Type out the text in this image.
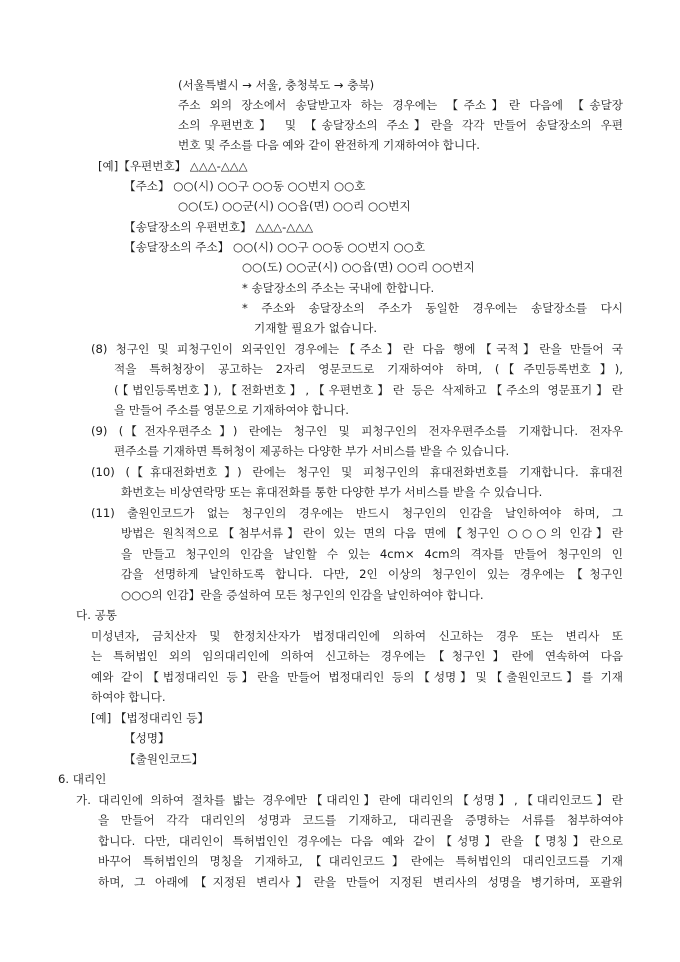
(서울특별시 → 서울, 충청북도 → 충북)
주소 외의 장소에서 송달받고자 하는 경우에는 【주소】란 다음에 【송달장
소의 우편번호】 및 【송달장소의 주소】란을 각각 만들어 송달장소의 우편
번호 및 주소를 다음 예와 같이 완전하게 기재하여야 합니다.
[예]【우편번호】 △△△-△△△
【주소】 ○○(시) ○○구 ○○동 ○○번지 ○○호
○○(도) ○○군(시) ○○읍(면) ○○리 ○○번지
【송달장소의 우편번호】 △△△-△△△
【송달장소의 주소】 ○○(시) ○○구 ○○동 ○○번지 ○○호
○○(도) ○○군(시) ○○읍(면) ○○리 ○○번지
* 송달장소의 주소는 국내에 한합니다.
* 주소와 송달장소의 주소가 동일한 경우에는 송달장소를 다시
기재할 필요가 없습니다.
(8) 청구인 및 피청구인이 외국인인 경우에는【주소】란 다음 행에【국적】란을 만들어 국
적을 특허청장이 공고하는 2자리 영문코드로 기재하여야 하며, (【주민등록번호】),
(【법인등록번호】),【전화번호】,【우편번호】란 등은 삭제하고【주소의 영문표기】란
을 만들어 주소를 영문으로 기재하여야 합니다.
(9) (【전자우편주소】) 란에는 청구인 및 피청구인의 전자우편주소를 기재합니다. 전자우
편주소를 기재하면 특허청이 제공하는 다양한 부가 서비스를 받을 수 있습니다.
(10) (【휴대전화번호】) 란에는 청구인 및 피청구인의 휴대전화번호를 기재합니다. 휴대전
화번호는 비상연락망 또는 휴대전화를 통한 다양한 부가 서비스를 받을 수 있습니다.
(11) 출원인코드가 없는 청구인의 경우에는 반드시 청구인의 인감을 날인하여야 하며, 그
방법은 원칙적으로【첨부서류】란이 있는 면의 다음 면에【청구인 ○○○의 인감】란
을 만들고 청구인의 인감을 날인할 수 있는 4cm× 4cm의 격자를 만들어 청구인의 인
감을 선명하게 날인하도록 합니다. 다만, 2인 이상의 청구인이 있는 경우에는【청구인
○○○의 인감】란을 증설하여 모든 청구인의 인감을 날인하여야 합니다.
다. 공통
미성년자, 금치산자 및 한정치산자가 법정대리인에 의하여 신고하는 경우 또는 변리사 또
는 특허법인 외의 임의대리인에 의하여 신고하는 경우에는【청구인】란에 연속하여 다음
예와 같이【법정대리인 등】란을 만들어 법정대리인 등의【성명】및【출원인코드】를 기재
하여야 합니다.
[예] 【법정대리인 등】
【성명】
【출원인코드】
6. 대리인
가. 대리인에 의하여 절차를 밟는 경우에만【대리인】란에 대리인의【성명】,【대리인코드】란
을 만들어 각각 대리인의 성명과 코드를 기재하고, 대리권을 증명하는 서류를 첨부하여야
합니다. 다만, 대리인이 특허법인인 경우에는 다음 예와 같이【성명】란을【명칭】란으로
바꾸어 특허법인의 명칭을 기재하고,【대리인코드】란에는 특허법인의 대리인코드를 기재
하며, 그 아래에【지정된 변리사】란을 만들어 지정된 변리사의 성명을 병기하며, 포괄위
